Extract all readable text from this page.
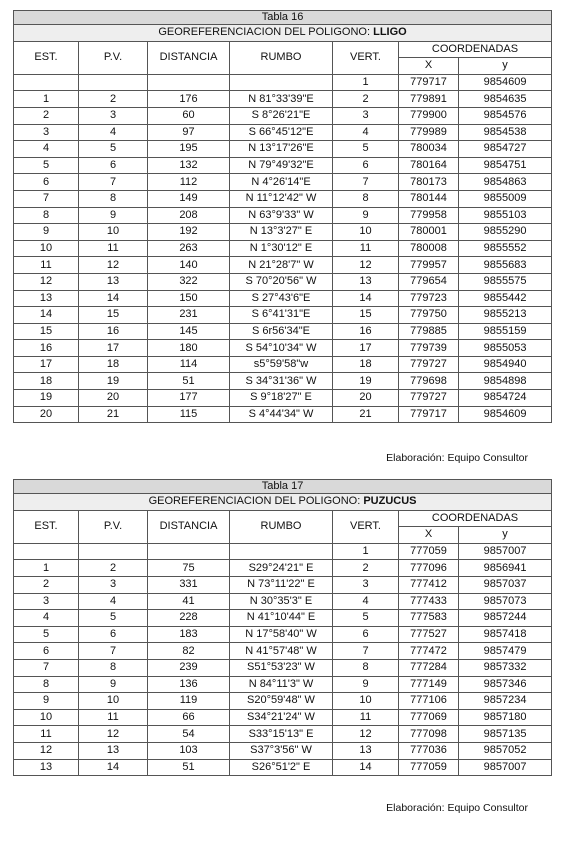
Tabla 16						
GEOREFERENCIACION DEL POLIGONO: LLIGO						
EST.	P.V.	DISTANCIA	RUMBO	VERT.	COORDENADAS	
					X	y
				1	779717	9854609
1	2	176	N 81°33'39"E	2	779891	9854635
2	3	60	S 8°26'21"E	3	779900	9854576
3	4	97	S 66°45'12"E	4	779989	9854538
4	5	195	N 13°17'26"E	5	780034	9854727
5	6	132	N 79°49'32"E	6	780164	9854751
6	7	112	N 4°26'14"E	7	780173	9854863
7	8	149	N 11°12'42" W	8	780144	9855009
8	9	208	N 63°9'33" W	9	779958	9855103
9	10	192	N 13°3'27" E	10	780001	9855290
10	11	263	N 1°30'12" E	11	780008	9855552
11	12	140	N 21°28'7" W	12	779957	9855683
12	13	322	S 70°20'56" W	13	779654	9855575
13	14	150	S 27°43'6"E	14	779723	9855442
14	15	231	S 6°41'31"E	15	779750	9855213
15	16	145	S 6r56'34"E	16	779885	9855159
16	17	180	S 54°10'34" W	17	779739	9855053
17	18	114	s5°59'58"w	18	779727	9854940
18	19	51	S 34°31'36" W	19	779698	9854898
19	20	177	S 9°18'27" E	20	779727	9854724
20	21	115	S 4°44'34" W	21	779717	9854609
Elaboración: Equipo Consultor
Tabla 17						
GEOREFERENCIACION DEL POLIGONO: PUZUCUS						
EST.	P.V.	DISTANCIA	RUMBO	VERT.	COORDENADAS	
					X	y
				1	777059	9857007
1	2	75	S29°24'21" E	2	777096	9856941
2	3	331	N 73°11'22" E	3	777412	9857037
3	4	41	N 30°35'3" E	4	777433	9857073
4	5	228	N 41°10'44" E	5	777583	9857244
5	6	183	N 17°58'40" W	6	777527	9857418
6	7	82	N 41°57'48" W	7	777472	9857479
7	8	239	S51°53'23" W	8	777284	9857332
8	9	136	N 84°11'3" W	9	777149	9857346
9	10	119	S20°59'48" W	10	777106	9857234
10	11	66	S34°21'24" W	11	777069	9857180
11	12	54	S33°15'13" E	12	777098	9857135
12	13	103	S37°3'56" W	13	777036	9857052
13	14	51	S26°51'2" E	14	777059	9857007
Elaboración: Equipo Consultor
